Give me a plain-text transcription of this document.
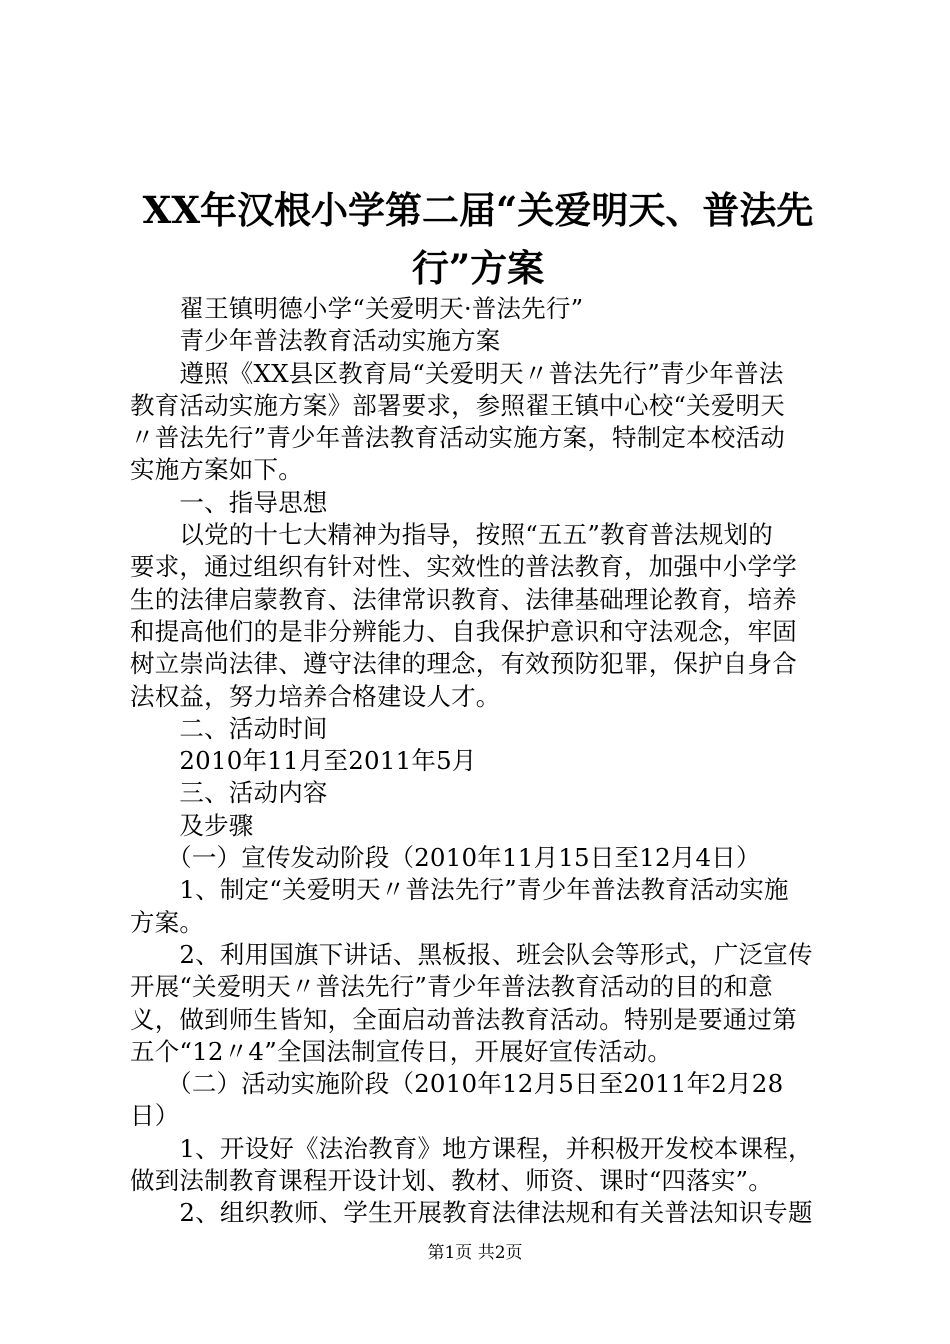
XX年汉根小学第二届“关爱明天、普法先
行”方案
　　翟王镇明德小学“关爱明天·普法先行”
　　青少年普法教育活动实施方案
　　遵照《XX县区教育局“关爱明天〃普法先行”青少年普法
教育活动实施方案》部署要求，参照翟王镇中心校“关爱明天
〃普法先行”青少年普法教育活动实施方案，特制定本校活动
实施方案如下。
　　一、指导思想
　　以党的十七大精神为指导，按照“五五”教育普法规划的
要求，通过组织有针对性、实效性的普法教育，加强中小学学
生的法律启蒙教育、法律常识教育、法律基础理论教育，培养
和提高他们的是非分辨能力、自我保护意识和守法观念，牢固
树立崇尚法律、遵守法律的理念，有效预防犯罪，保护自身合
法权益，努力培养合格建设人才。
　　二、活动时间
　　2010年11月至2011年5月
　　三、活动内容
　　及步骤
　　（一）宣传发动阶段（2010年11月15日至12月4日）
　　1、制定“关爱明天〃普法先行”青少年普法教育活动实施
方案。
　　2、利用国旗下讲话、黑板报、班会队会等形式，广泛宣传
开展“关爱明天〃普法先行”青少年普法教育活动的目的和意
义，做到师生皆知，全面启动普法教育活动。特别是要通过第
五个“12〃4”全国法制宣传日，开展好宣传活动。
　　（二）活动实施阶段（2010年12月5日至2011年2月28
日）
　　1、开设好《法治教育》地方课程，并积极开发校本课程，
做到法制教育课程开设计划、教材、师资、课时“四落实”。
　　2、组织教师、学生开展教育法律法规和有关普法知识专题
第1页 共2页
